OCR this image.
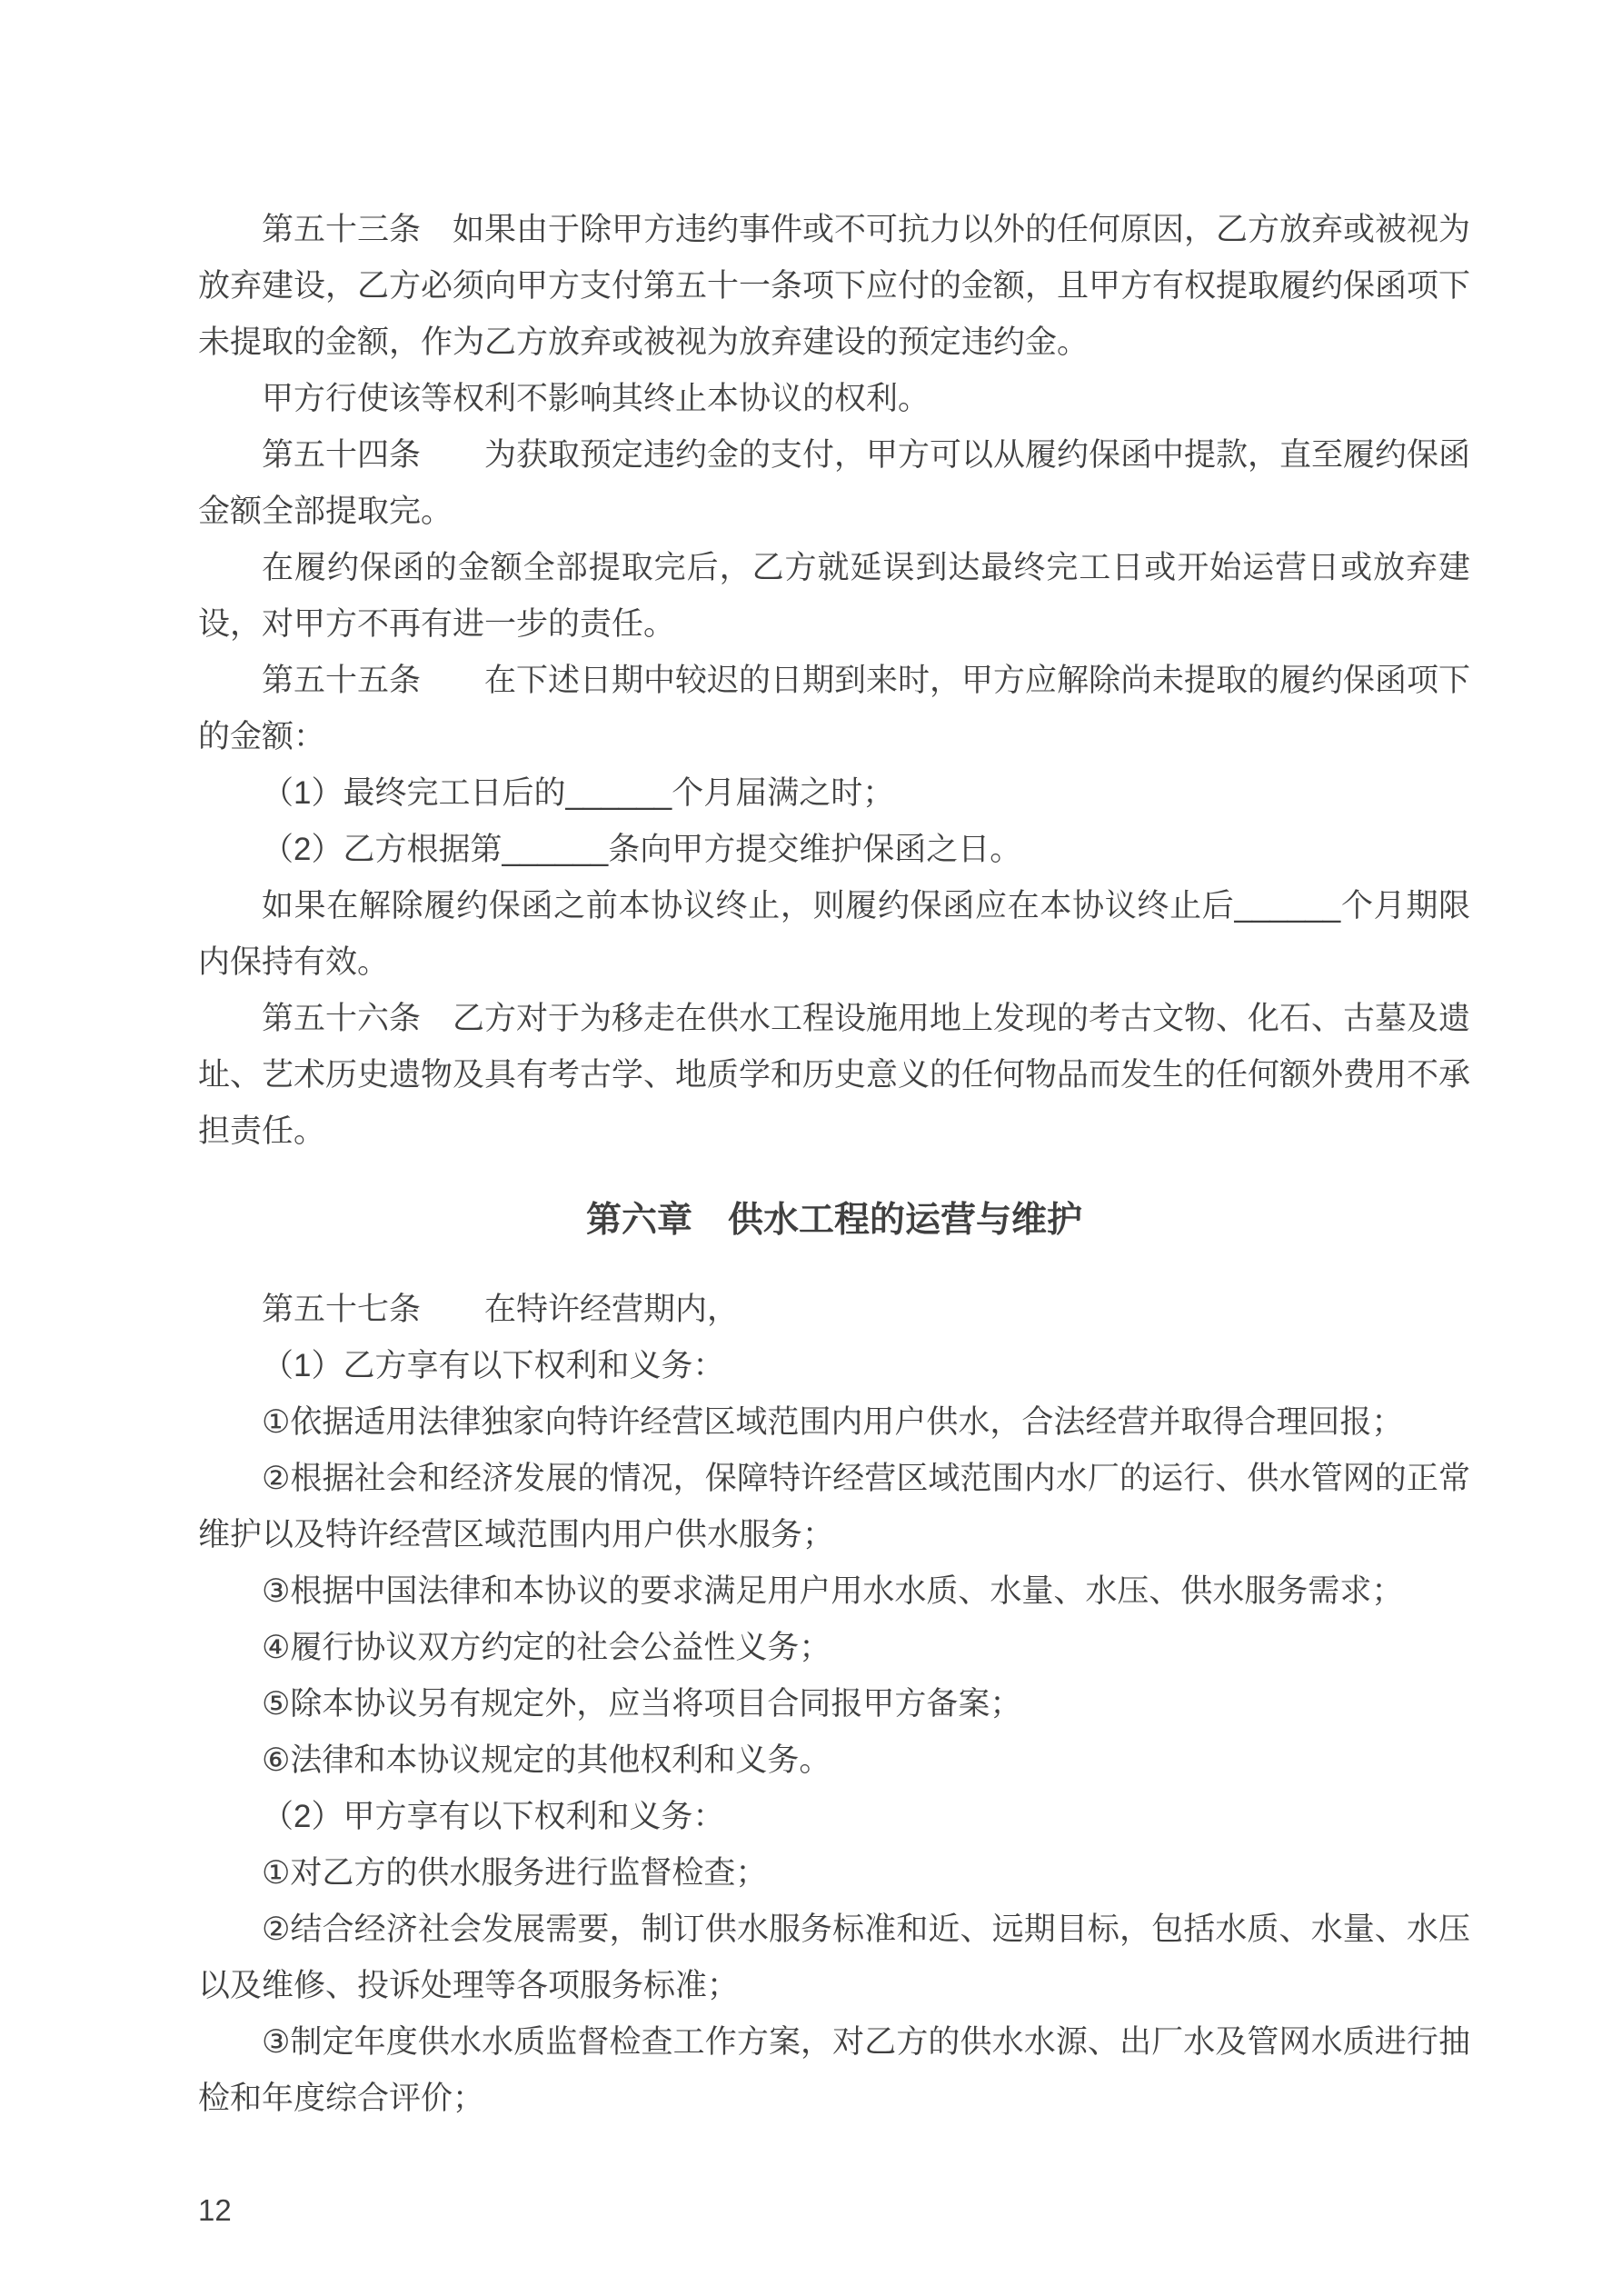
第五十三条　如果由于除甲方违约事件或不可抗力以外的任何原因，乙方放弃或被视为放弃建设，乙方必须向甲方支付第五十一条项下应付的金额，且甲方有权提取履约保函项下未提取的金额，作为乙方放弃或被视为放弃建设的预定违约金。

甲方行使该等权利不影响其终止本协议的权利。

第五十四条　　为获取预定违约金的支付，甲方可以从履约保函中提款，直至履约保函金额全部提取完。

在履约保函的金额全部提取完后，乙方就延误到达最终完工日或开始运营日或放弃建设，对甲方不再有进一步的责任。

第五十五条　　在下述日期中较迟的日期到来时，甲方应解除尚未提取的履约保函项下的金额：

（1）最终完工日后的______个月届满之时；

（2）乙方根据第______条向甲方提交维护保函之日。

如果在解除履约保函之前本协议终止，则履约保函应在本协议终止后______个月期限内保持有效。

第五十六条　乙方对于为移走在供水工程设施用地上发现的考古文物、化石、古墓及遗址、艺术历史遗物及具有考古学、地质学和历史意义的任何物品而发生的任何额外费用不承担责任。

第六章　供水工程的运营与维护

第五十七条　　在特许经营期内，

（1）乙方享有以下权利和义务：

①依据适用法律独家向特许经营区域范围内用户供水，合法经营并取得合理回报；

②根据社会和经济发展的情况，保障特许经营区域范围内水厂的运行、供水管网的正常维护以及特许经营区域范围内用户供水服务；

③根据中国法律和本协议的要求满足用户用水水质、水量、水压、供水服务需求；

④履行协议双方约定的社会公益性义务；

⑤除本协议另有规定外，应当将项目合同报甲方备案；

⑥法律和本协议规定的其他权利和义务。

（2）甲方享有以下权利和义务：

①对乙方的供水服务进行监督检查；

②结合经济社会发展需要，制订供水服务标准和近、远期目标，包括水质、水量、水压以及维修、投诉处理等各项服务标准；

③制定年度供水水质监督检查工作方案，对乙方的供水水源、出厂水及管网水质进行抽检和年度综合评价；

12
